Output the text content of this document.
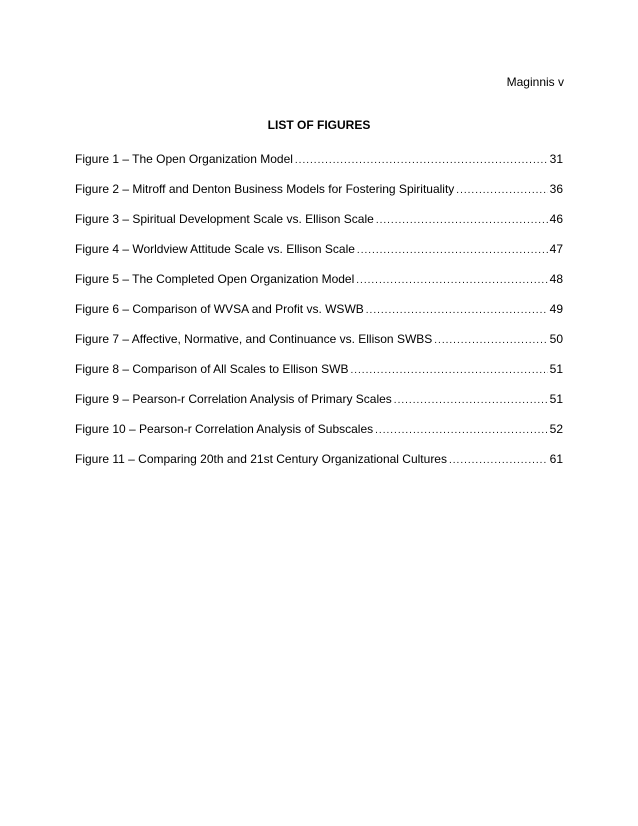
Maginnis v
LIST OF FIGURES
Figure 1 – The Open Organization Model .....	31
Figure 2 – Mitroff and Denton Business Models for Fostering Spirituality .....	36
Figure 3 – Spiritual Development Scale vs. Ellison Scale .....	46
Figure 4 – Worldview Attitude Scale vs. Ellison Scale .....	47
Figure 5 – The Completed Open Organization Model .....	48
Figure 6 – Comparison of WVSA and Profit vs. WSWB .....	49
Figure 7 – Affective, Normative, and Continuance vs. Ellison SWBS .....	50
Figure 8 – Comparison of All Scales to Ellison SWB .....	51
Figure 9 – Pearson-r Correlation Analysis of Primary Scales .....	51
Figure 10 – Pearson-r Correlation Analysis of Subscales .....	52
Figure 11 – Comparing 20th and 21st Century Organizational Cultures .....	61
